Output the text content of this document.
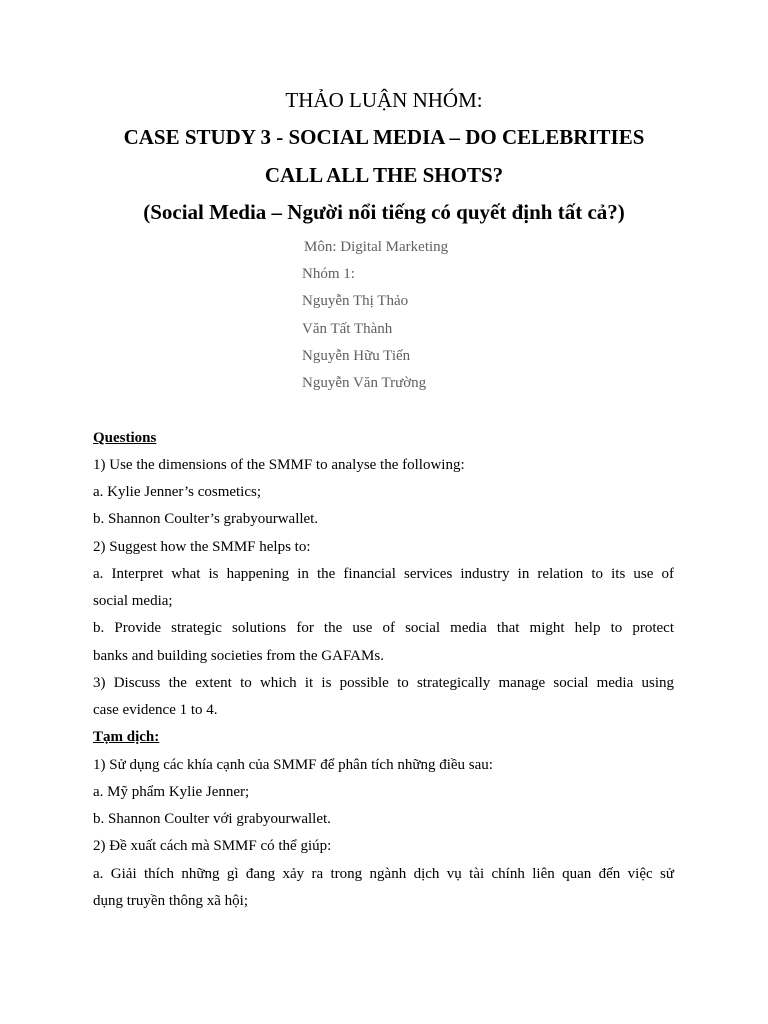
THẢO LUẬN NHÓM:
CASE STUDY 3 - SOCIAL MEDIA – DO CELEBRITIES
CALL ALL THE SHOTS?
(Social Media – Người nổi tiếng có quyết định tất cả?)
Môn: Digital Marketing
Nhóm 1:
Nguyễn Thị Thảo
Văn Tất Thành
Nguyễn Hữu Tiến
Nguyễn Văn Trường
Questions
1) Use the dimensions of the SMMF to analyse the following:
a. Kylie Jenner’s cosmetics;
b. Shannon Coulter’s grabyourwallet.
2) Suggest how the SMMF helps to:
a. Interpret what is happening in the financial services industry in relation to its use of
social media;
b. Provide strategic solutions for the use of social media that might help to protect
banks and building societies from the GAFAMs.
3) Discuss the extent to which it is possible to strategically manage social media using
case evidence 1 to 4.
Tạm dịch:
1) Sử dụng các khía cạnh của SMMF để phân tích những điều sau:
a. Mỹ phẩm Kylie Jenner;
b. Shannon Coulter với grabyourwallet.
2) Đề xuất cách mà SMMF có thể giúp:
a. Giải thích những gì đang xảy ra trong ngành dịch vụ tài chính liên quan đến việc sử
dụng truyền thông xã hội;
